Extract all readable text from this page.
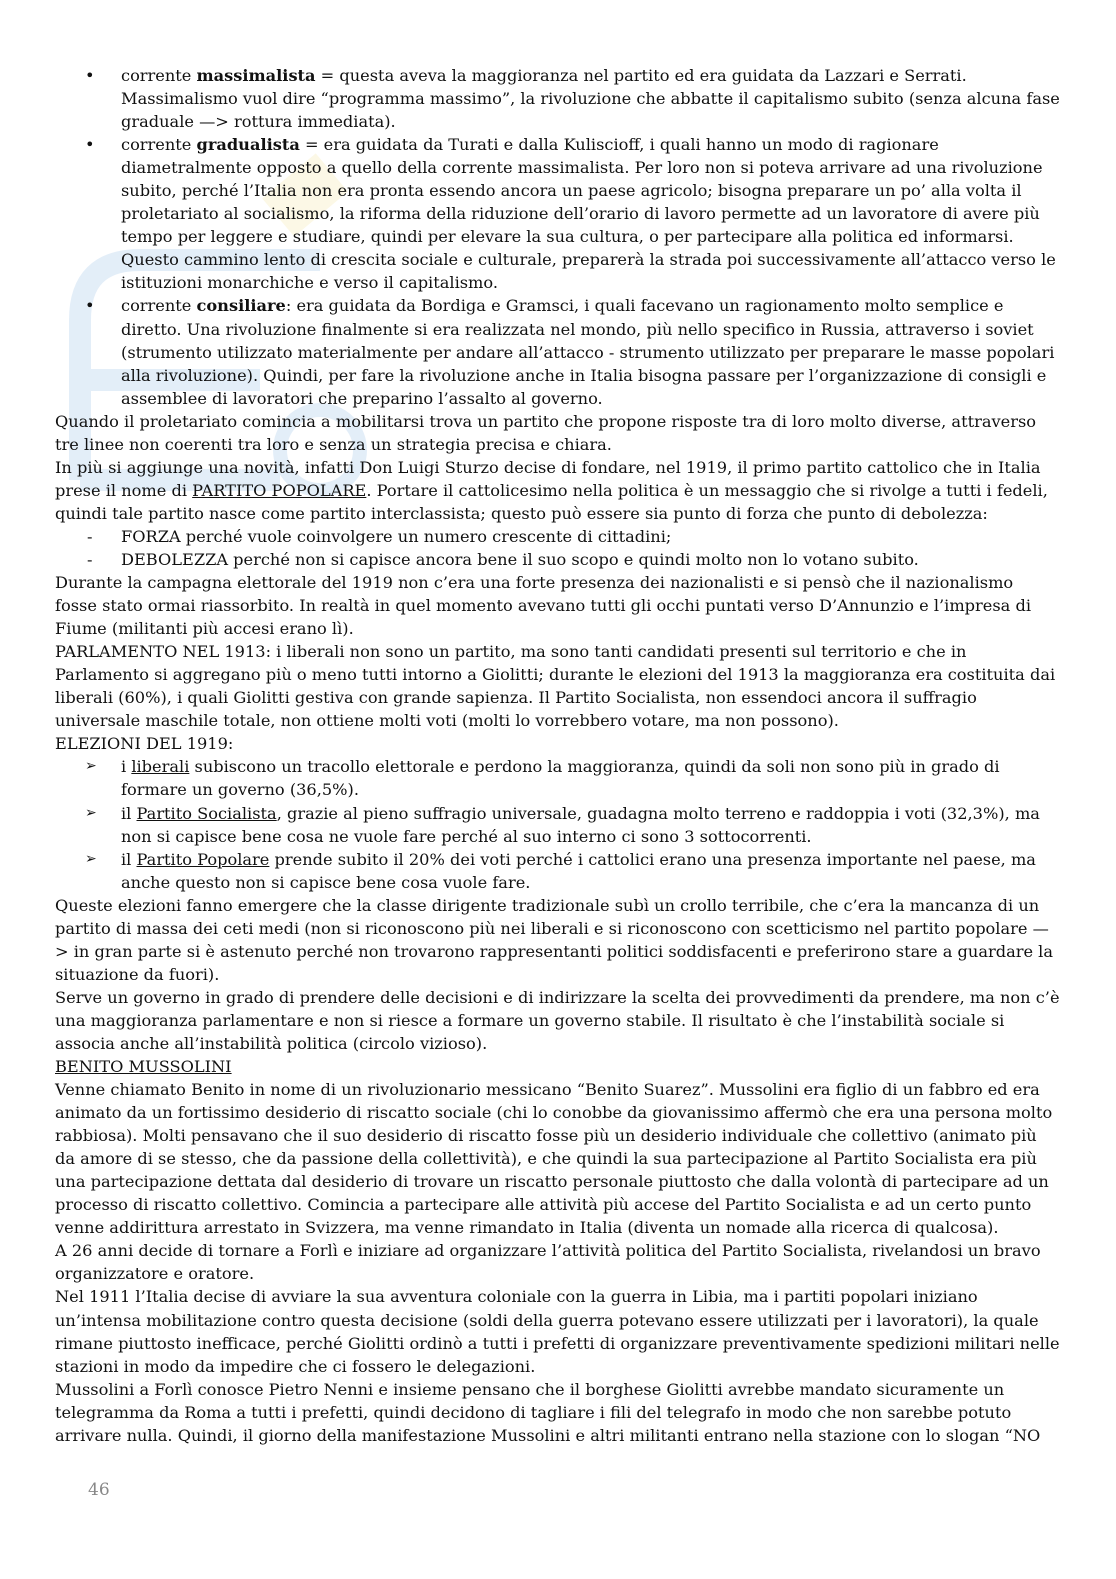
• corrente massimalista = questa aveva la maggioranza nel partito ed era guidata da Lazzari e Serrati. Massimalismo vuol dire “programma massimo”, la rivoluzione che abbatte il capitalismo subito (senza alcuna fase graduale —> rottura immediata).
• corrente gradualista = era guidata da Turati e dalla Kuliscioff, i quali hanno un modo di ragionare diametralmente opposto a quello della corrente massimalista. Per loro non si poteva arrivare ad una rivoluzione subito, perché l’Italia non era pronta essendo ancora un paese agricolo; bisogna preparare un po’ alla volta il proletariato al socialismo, la riforma della riduzione dell’orario di lavoro permette ad un lavoratore di avere più tempo per leggere e studiare, quindi per elevare la sua cultura, o per partecipare alla politica ed informarsi. Questo cammino lento di crescita sociale e culturale, preparerà la strada poi successivamente all’attacco verso le istituzioni monarchiche e verso il capitalismo.
• corrente consiliare: era guidata da Bordiga e Gramsci, i quali facevano un ragionamento molto semplice e diretto. Una rivoluzione finalmente si era realizzata nel mondo, più nello specifico in Russia, attraverso i soviet (strumento utilizzato materialmente per andare all’attacco - strumento utilizzato per preparare le masse popolari alla rivoluzione). Quindi, per fare la rivoluzione anche in Italia bisogna passare per l’organizzazione di consigli e assemblee di lavoratori che preparino l’assalto al governo.

Quando il proletariato comincia a mobilitarsi trova un partito che propone risposte tra di loro molto diverse, attraverso tre linee non coerenti tra loro e senza un strategia precisa e chiara.

In più si aggiunge una novità, infatti Don Luigi Sturzo decise di fondare, nel 1919, il primo partito cattolico che in Italia prese il nome di PARTITO POPOLARE. Portare il cattolicesimo nella politica è un messaggio che si rivolge a tutti i fedeli, quindi tale partito nasce come partito interclassista; questo può essere sia punto di forza che punto di debolezza:

- FORZA perché vuole coinvolgere un numero crescente di cittadini;
- DEBOLEZZA perché non si capisce ancora bene il suo scopo e quindi molto non lo votano subito.

Durante la campagna elettorale del 1919 non c’era una forte presenza dei nazionalisti e si pensò che il nazionalismo fosse stato ormai riassorbito. In realtà in quel momento avevano tutti gli occhi puntati verso D’Annunzio e l’impresa di Fiume (militanti più accesi erano lì).

PARLAMENTO NEL 1913: i liberali non sono un partito, ma sono tanti candidati presenti sul territorio e che in Parlamento si aggregano più o meno tutti intorno a Giolitti; durante le elezioni del 1913 la maggioranza era costituita dai liberali (60%), i quali Giolitti gestiva con grande sapienza. Il Partito Socialista, non essendoci ancora il suffragio universale maschile totale, non ottiene molti voti (molti lo vorrebbero votare, ma non possono).

ELEZIONI DEL 1919:

➢ i liberali subiscono un tracollo elettorale e perdono la maggioranza, quindi da soli non sono più in grado di formare un governo (36,5%).
➢ il Partito Socialista, grazie al pieno suffragio universale, guadagna molto terreno e raddoppia i voti (32,3%), ma non si capisce bene cosa ne vuole fare perché al suo interno ci sono 3 sottocorrenti.
➢ il Partito Popolare prende subito il 20% dei voti perché i cattolici erano una presenza importante nel paese, ma anche questo non si capisce bene cosa vuole fare.

Queste elezioni fanno emergere che la classe dirigente tradizionale subì un crollo terribile, che c’era la mancanza di un partito di massa dei ceti medi (non si riconoscono più nei liberali e si riconoscono con scetticismo nel partito popolare —> in gran parte si è astenuto perché non trovarono rappresentanti politici soddisfacenti e preferirono stare a guardare la situazione da fuori).

Serve un governo in grado di prendere delle decisioni e di indirizzare la scelta dei provvedimenti da prendere, ma non c’è una maggioranza parlamentare e non si riesce a formare un governo stabile. Il risultato è che l’instabilità sociale si associa anche all’instabilità politica (circolo vizioso).

BENITO MUSSOLINI

Venne chiamato Benito in nome di un rivoluzionario messicano “Benito Suarez”. Mussolini era figlio di un fabbro ed era animato da un fortissimo desiderio di riscatto sociale (chi lo conobbe da giovanissimo affermò che era una persona molto rabbiosa). Molti pensavano che il suo desiderio di riscatto fosse più un desiderio individuale che collettivo (animato più da amore di se stesso, che da passione della collettività), e che quindi la sua partecipazione al Partito Socialista era più una partecipazione dettata dal desiderio di trovare un riscatto personale piuttosto che dalla volontà di partecipare ad un processo di riscatto collettivo. Comincia a partecipare alle attività più accese del Partito Socialista e ad un certo punto venne addirittura arrestato in Svizzera, ma venne rimandato in Italia (diventa un nomade alla ricerca di qualcosa).

A 26 anni decide di tornare a Forlì e iniziare ad organizzare l’attività politica del Partito Socialista, rivelandosi un bravo organizzatore e oratore.

Nel 1911 l’Italia decise di avviare la sua avventura coloniale con la guerra in Libia, ma i partiti popolari iniziano un’intensa mobilitazione contro questa decisione (soldi della guerra potevano essere utilizzati per i lavoratori), la quale rimane piuttosto inefficace, perché Giolitti ordinò a tutti i prefetti di organizzare preventivamente spedizioni militari nelle stazioni in modo da impedire che ci fossero le delegazioni.

Mussolini a Forlì conosce Pietro Nenni e insieme pensano che il borghese Giolitti avrebbe mandato sicuramente un telegramma da Roma a tutti i prefetti, quindi decidono di tagliare i fili del telegrafo in modo che non sarebbe potuto arrivare nulla. Quindi, il giorno della manifestazione Mussolini e altri militanti entrano nella stazione con lo slogan “NO

46
